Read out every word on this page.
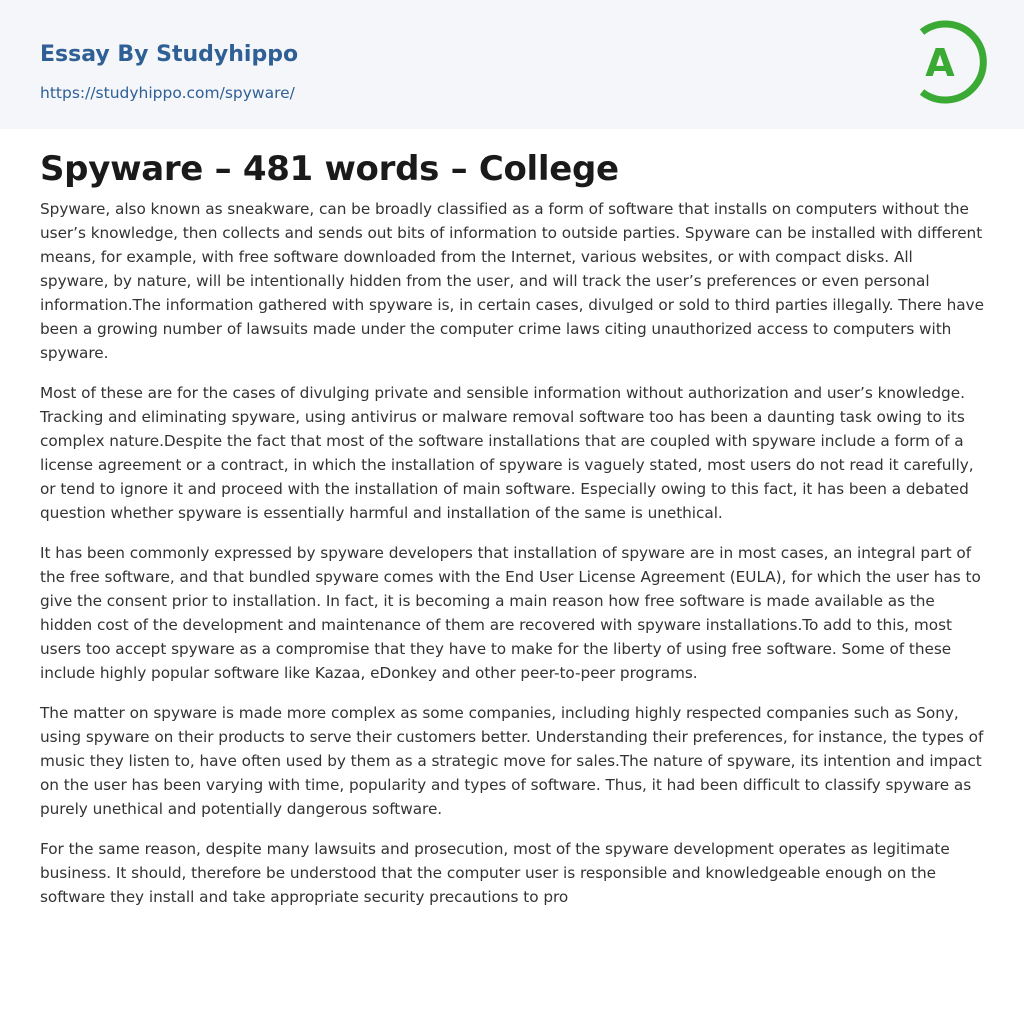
Essay By Studyhippo
https://studyhippo.com/spyware/
A
Spyware – 481 words – College

Spyware, also known as sneakware, can be broadly classified as a form of software that installs on computers without the user’s knowledge, then collects and sends out bits of information to outside parties. Spyware can be installed with different means, for example, with free software downloaded from the Internet, various websites, or with compact disks. All spyware, by nature, will be intentionally hidden from the user, and will track the user’s preferences or even personal information.The information gathered with spyware is, in certain cases, divulged or sold to third parties illegally. There have been a growing number of lawsuits made under the computer crime laws citing unauthorized access to computers with spyware.

Most of these are for the cases of divulging private and sensible information without authorization and user’s knowledge. Tracking and eliminating spyware, using antivirus or malware removal software too has been a daunting task owing to its complex nature.Despite the fact that most of the software installations that are coupled with spyware include a form of a license agreement or a contract, in which the installation of spyware is vaguely stated, most users do not read it carefully, or tend to ignore it and proceed with the installation of main software. Especially owing to this fact, it has been a debated question whether spyware is essentially harmful and installation of the same is unethical.

It has been commonly expressed by spyware developers that installation of spyware are in most cases, an integral part of the free software, and that bundled spyware comes with the End User License Agreement (EULA), for which the user has to give the consent prior to installation. In fact, it is becoming a main reason how free software is made available as the hidden cost of the development and maintenance of them are recovered with spyware installations.To add to this, most users too accept spyware as a compromise that they have to make for the liberty of using free software. Some of these include highly popular software like Kazaa, eDonkey and other peer-to-peer programs.

The matter on spyware is made more complex as some companies, including highly respected companies such as Sony, using spyware on their products to serve their customers better. Understanding their preferences, for instance, the types of music they listen to, have often used by them as a strategic move for sales.The nature of spyware, its intention and impact on the user has been varying with time, popularity and types of software. Thus, it had been difficult to classify spyware as purely unethical and potentially dangerous software.

For the same reason, despite many lawsuits and prosecution, most of the spyware development operates as legitimate business. It should, therefore be understood that the computer user is responsible and knowledgeable enough on the software they install and take appropriate security precautions to pro
